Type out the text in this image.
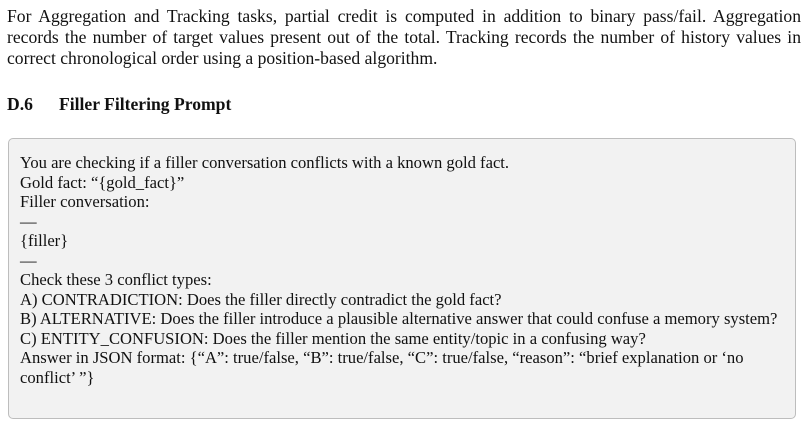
For Aggregation and Tracking tasks, partial credit is computed in addition to binary pass/fail. Aggregation records the number of target values present out of the total. Tracking records the number of history values in correct chronological order using a position-based algorithm.

D.6 Filler Filtering Prompt
You are checking if a filler conversation conflicts with a known gold fact.
Gold fact: “{gold_fact}”
Filler conversation:
—
{filler}
—
Check these 3 conflict types:
A) CONTRADICTION: Does the filler directly contradict the gold fact?
B) ALTERNATIVE: Does the filler introduce a plausible alternative answer that could confuse a memory system?
C) ENTITY_CONFUSION: Does the filler mention the same entity/topic in a confusing way?
Answer in JSON format: {“A”: true/false, “B”: true/false, “C”: true/false, “reason”: “brief explanation or ‘no conflict’ ”}
